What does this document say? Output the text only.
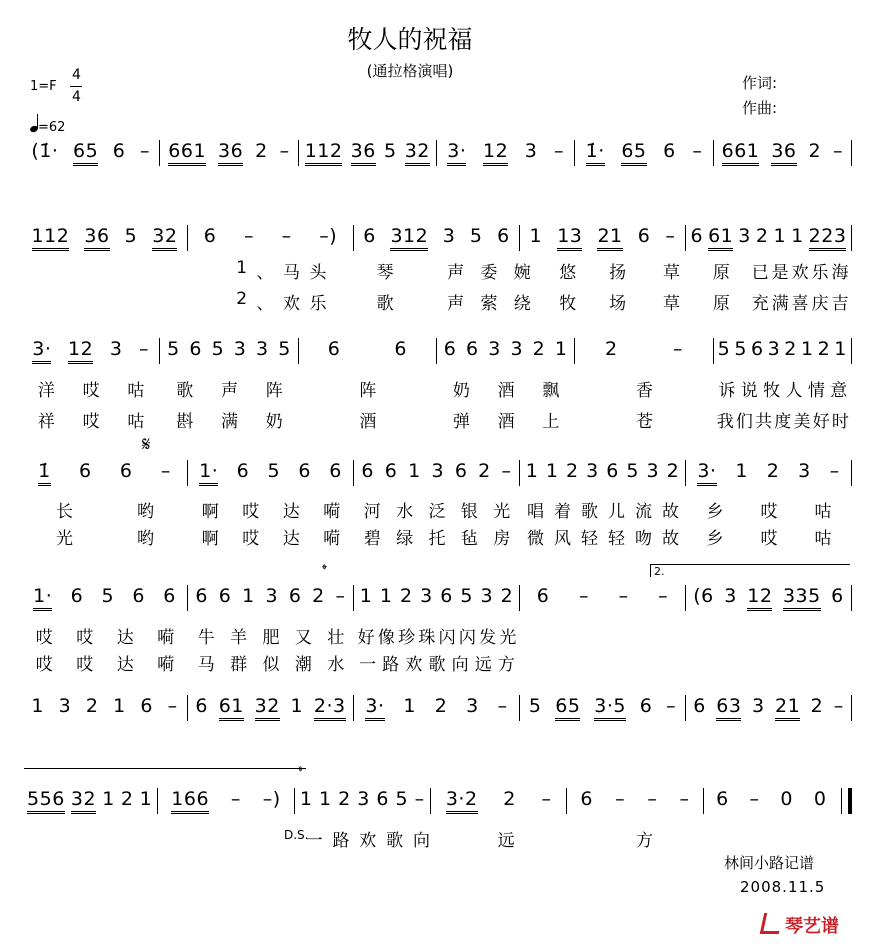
牧人的祝福
(通拉格演唱)
1=F
4
4
=62
作词:
作曲:
(1̇· 65 6 – 661 36 2 – 112 36 5 32 3· 12 3 – 1̇· 65 6 – 661 36 2 –
112 36 5 32 6 – – –) 6 312 3 5 6 1 13 21 6 – 6 61 3 2 1 1 223
1 、 马 头	琴	声 委 婉 悠 扬 草 原 已 是 欢 乐 海
2 、 欢 乐	歌	声 萦 绕 牧 场 草 原 充 满 喜 庆 吉
3· 12 3 – 5 6 5 3 3 5 6	6 6 6 3 3 2 1 2	– 5 5 6 3 2 1 2 1
洋 哎 咕 歌 声 阵	阵	奶 酒 飘	香	诉 说 牧 人 情 意
祥 哎 咕 斟 满 奶	酒	弹 酒 上	苍	我 们 共 度 美 好 时
1̇ 6 6 – 1· 6 5 6 6 6 6 1 3 6 2 – 1 1 2 3 6 5 3 2 3· 1 2 3 –
长	哟	啊 哎 达 嗬 河 水 泛 银 光 唱 着 歌 儿 流 故 乡 哎 咕
光	哟	啊 哎 达 嗬 碧 绿 托 毡 房 微 风 轻 轻 吻 故 乡 哎 咕
1· 6 5 6 6 6 6 1 3 6 2 – 1 1 2 3 6 5 3 2 6 – – – (6 3 12 335 6
哎 哎 达 嗬 牛 羊 肥 又 壮 好 像 珍 珠 闪 闪 发 光
哎 哎 达 嗬 马 群 似 潮 水 一 路 欢 歌 向 远 方
1 3 2 1 6 – 6 61 32 1 2·3 3· 1 2 3 – 5 65 3·5 6 – 6 63 3 21 2 –
556 32 1 2 1 166 – –) 1 1 2 3 6 5 – 3·2 2 – 6 – – – 6 – 0 0
一 路 欢 歌 向	远	方
𝄋
𝄌
𝄌
2.
D.S.
林间小路记谱
2008.11.5
琴艺谱
